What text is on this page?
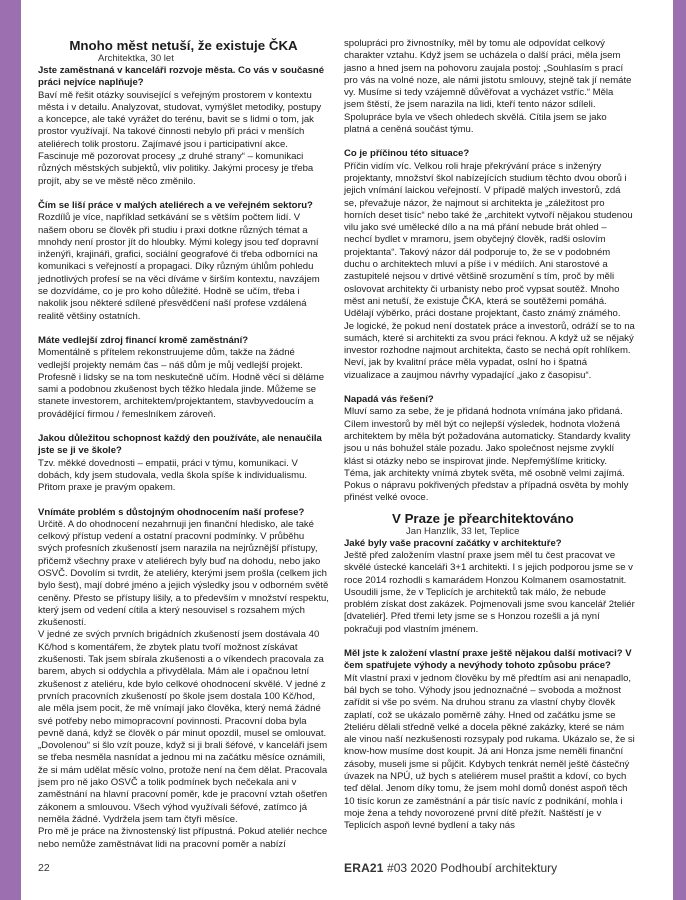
Mnoho měst netuší, že existuje ČKA
Architektka, 30 let

Jste zaměstnaná v kanceláři rozvoje města. Co vás v současné práci nejvíce naplňuje?

Baví mě řešit otázky související s veřejným prostorem v kontextu města i v detailu. Analyzovat, studovat, vymýšlet metodiky, postupy a koncepce, ale také vyrážet do terénu, bavit se s lidmi o tom, jak prostor využívají. Na takové činnosti nebylo při práci v menších ateliérech tolik prostoru. Zajímavé jsou i participativní akce. Fascinuje mě pozorovat procesy „z druhé strany“ – komunikaci různých městských subjektů, vliv politiky. Jakými procesy je třeba projít, aby se ve městě něco změnilo.

Čím se liší práce v malých ateliérech a ve veřejném sektoru?

Rozdílů je více, například setkávání se s větším počtem lidí. V našem oboru se člověk při studiu i praxi dotkne různých témat a mnohdy není prostor jít do hloubky. Mými kolegy jsou teď dopravní inženýři, krajináři, grafici, sociální geografové či třeba odborníci na komunikaci s veřejností a propagaci. Díky různým úhlům pohledu jednotlivých profesí se na věci díváme v širším kontextu, navzájem se dozvídáme, co je pro koho důležité. Hodně se učím, třeba i nakolik jsou některé sdílené přesvědčení naší profese vzdálená realitě většiny ostatních.

Máte vedlejší zdroj financí kromě zaměstnání?

Momentálně s přítelem rekonstruujeme dům, takže na žádné vedlejší projekty nemám čas – náš dům je můj vedlejší projekt. Profesně i lidsky se na tom neskutečně učím. Hodně věcí si děláme sami a podobnou zkušenost bych těžko hledala jinde. Můžeme se stanete investorem, architektem/projektantem, stavbyvedoucím a provádějící firmou / řemeslníkem zároveň.

Jakou důležitou schopnost každý den používáte, ale nenaučila jste se ji ve škole?

Tzv. měkké dovednosti – empatii, práci v týmu, komunikaci. V dobách, kdy jsem studovala, vedla škola spíše k individualismu. Přitom praxe je pravým opakem.

Vnímáte problém s důstojným ohodnocením naší profese?

Určitě. A do ohodnocení nezahrnuji jen finanční hledisko, ale také celkový přístup vedení a ostatní pracovní podmínky. V průběhu svých profesních zkušeností jsem narazila na nejrůznější přístupy, přičemž všechny praxe v ateliérech byly buď na dohodu, nebo jako OSVČ. Dovolím si tvrdit, že ateliéry, kterými jsem prošla (celkem jich bylo šest), mají dobré jméno a jejich výsledky jsou v odborném světě ceněny. Přesto se přístupy lišily, a to především v množství respektu, který jsem od vedení cítila a který nesouvisel s rozsahem mých zkušeností.

V jedné ze svých prvních brigádních zkušeností jsem dostávala 40 Kč/hod s komentářem, že zbytek platu tvoří možnost získávat zkušenosti. Tak jsem sbírala zkušenosti a o víkendech pracovala za barem, abych si oddychla a přivydělala. Mám ale i opačnou letní zkušenost z ateliéru, kde bylo celkové ohodnocení skvělé. V jedné z prvních pracovních zkušeností po škole jsem dostala 100 Kč/hod, ale měla jsem pocit, že mě vnímají jako člověka, který nemá žádné své potřeby nebo mimopracovní povinnosti. Pracovní doba byla pevně daná, když se člověk o pár minut opozdil, musel se omlouvat. „Dovolenou“ si šlo vzít pouze, když si ji brali šéfové, v kanceláři jsem se třeba nesměla nasnídat a jednou mi na začátku měsíce oznámili, že si mám udělat měsíc volno, protože není na čem dělat. Pracovala jsem pro ně jako OSVČ a tolik podmínek bych nečekala ani v zaměstnání na hlavní pracovní poměr, kde je pracovní vztah ošetřen zákonem a smlouvou. Všech výhod využívali šéfové, zatímco já neměla žádné. Vydržela jsem tam čtyři měsíce.

Pro mě je práce na živnostenský list přípustná. Pokud ateliér nechce nebo nemůže zaměstnávat lidi na pracovní poměr a nabízí

spolupráci pro živnostníky, měl by tomu ale odpovídat celkový charakter vztahu. Když jsem se ucházela o další práci, měla jsem jasno a hned jsem na pohovoru zaujala postoj: „Souhlasím s prací pro vás na volné noze, ale námi jistotu smlouvy, stejně tak jí nemáte vy. Musíme si tedy vzájemně důvěřovat a vycházet vstříc.“ Měla jsem štěstí, že jsem narazila na lidi, kteří tento názor sdíleli. Spolupráce byla ve všech ohledech skvělá. Cítila jsem se jako platná a ceněná součást týmu.

Co je příčinou této situace?

Příčin vidím víc. Velkou roli hraje překrývání práce s inženýry projektanty, množství škol nabízejících studium těchto dvou oborů i jejich vnímání laickou veřejností. V případě malých investorů, zdá se, převažuje názor, že najmout si architekta je „záležitost pro horních deset tisíc“ nebo také že „architekt vytvoří nějakou studenou vilu jako své umělecké dílo a na má přání nebude brát ohled – nechcí bydlet v mramoru, jsem obyčejný člověk, radši oslovím projektanta“. Takový názor dál podporuje to, že se v podobném duchu o architektech mluví a píše i v médiích. Ani starostové a zastupitelé nejsou v drtivé většině srozumění s tím, proč by měli oslovovat architekty či urbanisty nebo proč vypsat soutěž. Mnoho měst ani netuší, že existuje ČKA, která se soutěžemi pomáhá. Udělají výběrko, práci dostane projektant, často známý známého.

Je logické, že pokud není dostatek práce a investorů, odráží se to na sumách, které si architekti za svou práci řeknou. A když už se nějaký investor rozhodne najmout architekta, často se nechá opít rohlíkem. Neví, jak by kvalitní práce měla vypadat, oslní ho i špatná vizualizace a zaujmou návrhy vypadající „jako z časopisu“.

Napadá vás řešení?

Mluví samo za sebe, že je přidaná hodnota vnímána jako přidaná. Cílem investorů by měl být co nejlepší výsledek, hodnota vložená architektem by měla být požadována automaticky. Standardy kvality jsou u nás bohužel stále pozadu. Jako společnost nejsme zvyklí klást si otázky nebo se inspirovat jinde. Nepřemýšlíme kriticky. Téma, jak architekty vnímá zbytek světa, mě osobně velmi zajímá. Pokus o nápravu pokřivených představ a případná osvěta by mohly přinést velké ovoce.

V Praze je přearchitektováno
Jan Hanzlík, 33 let, Teplice

Jaké byly vaše pracovní začátky v architektuře?

Ještě před založením vlastní praxe jsem měl tu čest pracovat ve skvělé ústecké kanceláři 3+1 architekti. I s jejich podporou jsme se v roce 2014 rozhodli s kamarádem Honzou Kolmanem osamostatnit. Usoudili jsme, že v Teplicích je architektů tak málo, že nebude problém získat dost zakázek. Pojmenovali jsme svou kancelář 2teliér [dvateliér]. Před třemi lety jsme se s Honzou rozešli a já nyní pokračuji pod vlastním jménem.

Měl jste k založení vlastní praxe ještě nějakou další motivaci? V čem spatřujete výhody a nevýhody tohoto způsobu práce?

Mít vlastní praxi v jednom člověku by mě předtím asi ani nenapadlo, bál bych se toho. Výhody jsou jednoznačné – svoboda a možnost zařídit si vše po svém. Na druhou stranu za vlastní chyby člověk zaplatí, což se ukázalo poměrně záhy. Hned od začátku jsme se 2teliéru dělali středně velké a docela pěkné zakázky, které se nám ale vinou naší nezkušenosti rozsypaly pod rukama. Ukázalo se, že si know-how musíme dost koupit. Já ani Honza jsme neměli finanční zásoby, museli jsme si půjčit. Kdybych tenkrát neměl ještě částečný úvazek na NPÚ, už bych s ateliérem musel praštit a kdoví, co bych teď dělal. Jenom díky tomu, že jsem mohl domů donést aspoň těch 10 tisíc korun ze zaměstnání a pár tisíc navíc z podnikání, mohla i moje žena a tehdy novorozené první dítě přežít. Naštěstí je v Teplicích aspoň levné bydlení a taky nás

22	ERA21 #03 2020 Podhoubí architektury
